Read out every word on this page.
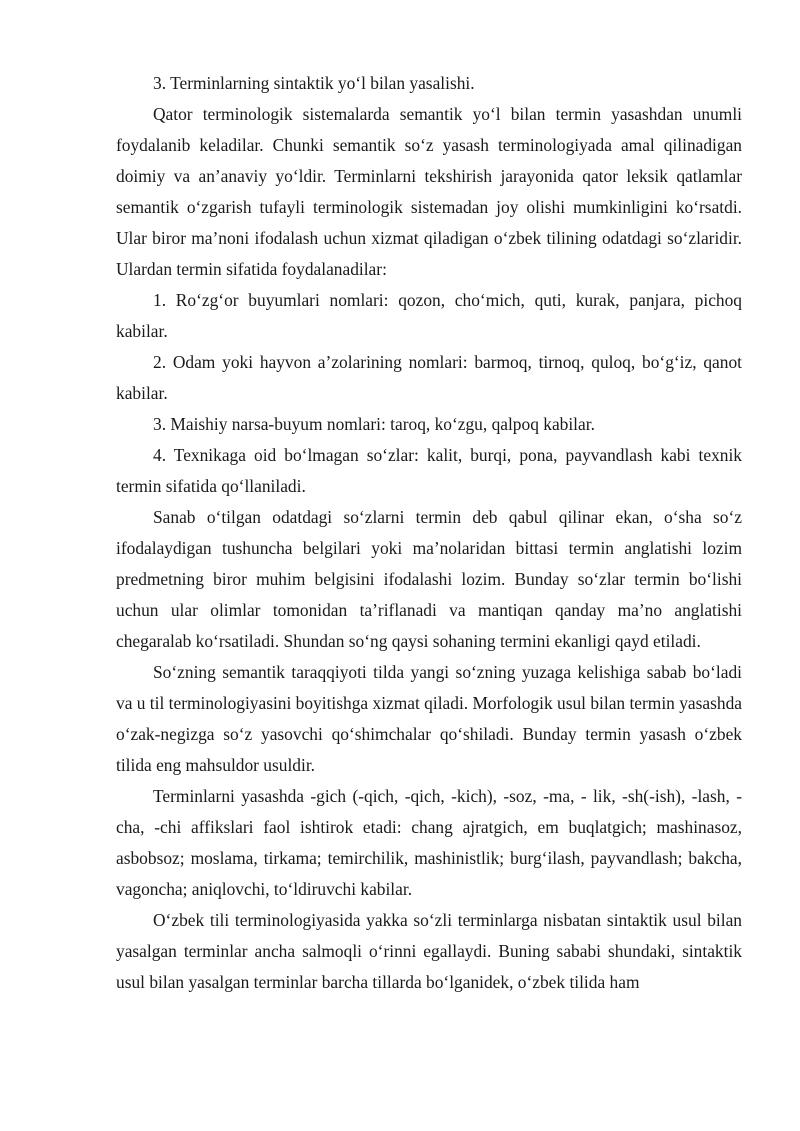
3. Terminlarning sintaktik yo‘l bilan yasalishi.

Qator terminologik sistemalarda semantik yo‘l bilan termin yasashdan unumli foydalanib keladilar. Chunki semantik so‘z yasash terminologiyada amal qilinadigan doimiy va an’anaviy yo‘ldir. Terminlarni tekshirish jarayonida qator leksik qatlamlar semantik o‘zgarish tufayli terminologik sistemadan joy olishi mumkinligini ko‘rsatdi. Ular biror ma’noni ifodalash uchun xizmat qiladigan o‘zbek tilining odatdagi so‘zlaridir. Ulardan termin sifatida foydalanadilar:

1. Ro‘zg‘or buyumlari nomlari: qozon, cho‘mich, quti, kurak, panjara, pichoq kabilar.

2. Odam yoki hayvon a’zolarining nomlari: barmoq, tirnoq, quloq, bo‘g‘iz, qanot kabilar.

3. Maishiy narsa-buyum nomlari: taroq, ko‘zgu, qalpoq kabilar.

4. Texnikaga oid bo‘lmagan so‘zlar: kalit, burqi, pona, payvandlash kabi texnik termin sifatida qo‘llaniladi.

Sanab o‘tilgan odatdagi so‘zlarni termin deb qabul qilinar ekan, o‘sha so‘z ifodalaydigan tushuncha belgilari yoki ma’nolaridan bittasi termin anglatishi lozim predmetning biror muhim belgisini ifodalashi lozim. Bunday so‘zlar termin bo‘lishi uchun ular olimlar tomonidan ta’riflanadi va mantiqan qanday ma’no anglatishi chegaralab ko‘rsatiladi. Shundan so‘ng qaysi sohaning termini ekanligi qayd etiladi.

So‘zning semantik taraqqiyoti tilda yangi so‘zning yuzaga kelishiga sabab bo‘ladi va u til terminologiyasini boyitishga xizmat qiladi. Morfologik usul bilan termin yasashda o‘zak-negizga so‘z yasovchi qo‘shimchalar qo‘shiladi. Bunday termin yasash o‘zbek tilida eng mahsuldor usuldir.

Terminlarni yasashda -gich (-qich, -qich, -kich), -soz, -ma, - lik, -sh(-ish), -lash, -cha, -chi affikslari faol ishtirok etadi: chang ajratgich, em buqlatgich; mashinasoz, asbobsoz; moslama, tirkama; temirchilik, mashinistlik; burg‘ilash, payvandlash; bakcha, vagoncha; aniqlovchi, to‘ldiruvchi kabilar.

O‘zbek tili terminologiyasida yakka so‘zli terminlarga nisbatan sintaktik usul bilan yasalgan terminlar ancha salmoqli o‘rinni egallaydi. Buning sababi shundaki, sintaktik usul bilan yasalgan terminlar barcha tillarda bo‘lganidek, o‘zbek tilida ham
